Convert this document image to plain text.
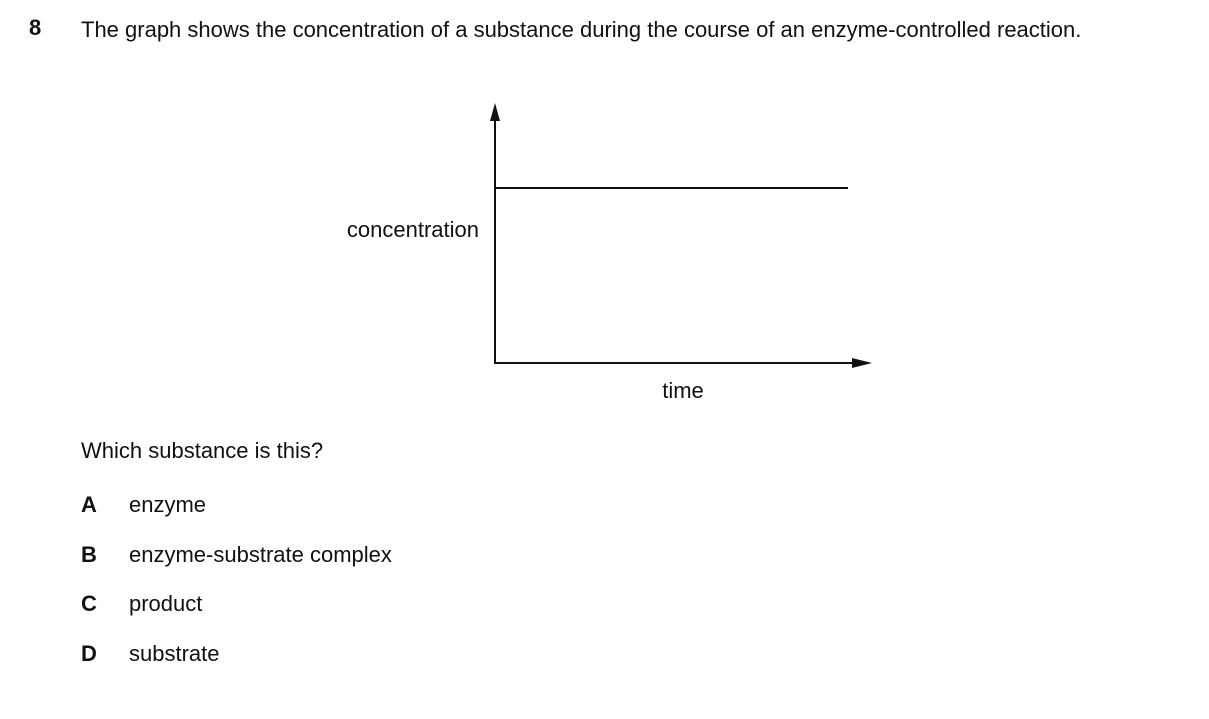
8 The graph shows the concentration of a substance during the course of an enzyme-controlled reaction.
concentration
time
Which substance is this?
A	enzyme
B	enzyme-substrate complex
C	product
D	substrate
